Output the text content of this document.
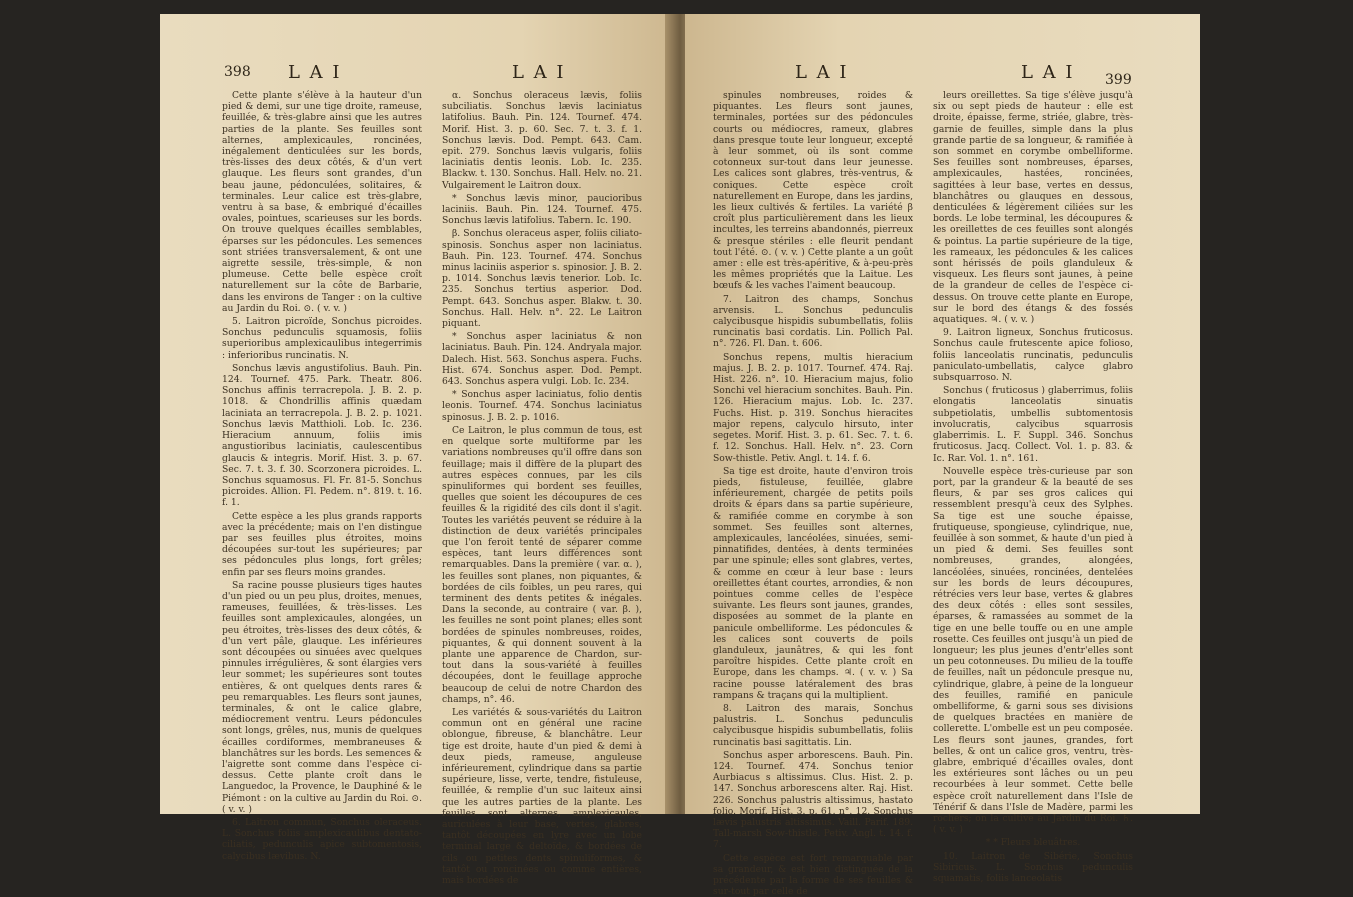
398 L A I	L A I

Cette plante s'élève à la hauteur d'un pied & demi, sur une tige droite, rameuse, feuillée, & très-glabre ainsi que les autres parties de la plante. Ses feuilles sont alternes, amplexicaules, roncinées, inégalement denticulées sur les bords, très-lisses des deux côtés, & d'un vert glauque. Les fleurs sont grandes, d'un beau jaune, pédonculées, solitaires, & terminales. Leur calice est très-glabre, ventru à sa base, & embriqué d'écailles ovales, pointues, scarieuses sur les bords. On trouve quelques écailles semblables, éparses sur les pédoncules. Les semences sont striées transversalement, & ont une aigrette sessile, très-simple, & non plumeuse. Cette belle espèce croît naturellement sur la côte de Barbarie, dans les environs de Tanger : on la cultive au Jardin du Roi. ⊙. ( v. v. )

5. Laitron picroïde, Sonchus picroides. Sonchus pedunculis squamosis, foliis superioribus amplexicaulibus integerrimis : inferioribus runcinatis. N.

Sonchus lævis angustifolius. Bauh. Pin. 124. Tournef. 475. Park. Theatr. 806. Sonchus affinis terracrepola. J. B. 2. p. 1018. & Chondrillis affinis quædam laciniata an terracrepola. J. B. 2. p. 1021. Sonchus lævis Matthioli. Lob. Ic. 236. Hieracium annuum, foliis imis angustioribus laciniatis, caulescentibus glaucis & integris. Morif. Hist. 3. p. 67. Sec. 7. t. 3. f. 30. Scorzonera picroides. L. Sonchus squamosus. Fl. Fr. 81-5. Sonchus picroides. Allion. Fl. Pedem. n°. 819. t. 16. f. 1.

Cette espèce a les plus grands rapports avec la précédente; mais on l'en distingue par ses feuilles plus étroites, moins découpées sur-tout les supérieures; par ses pédoncules plus longs, fort grêles; enfin par ses fleurs moins grandes.

Sa racine pousse plusieurs tiges hautes d'un pied ou un peu plus, droites, menues, rameuses, feuillées, & très-lisses. Les feuilles sont amplexicaules, alongées, un peu étroites, très-lisses des deux côtés, & d'un vert pâle, glauque. Les inférieures sont découpées ou sinuées avec quelques pinnules irrégulières, & sont élargies vers leur sommet; les supérieures sont toutes entières, & ont quelques dents rares & peu remarquables. Les fleurs sont jaunes, terminales, & ont le calice glabre, médiocrement ventru. Leurs pédoncules sont longs, grêles, nus, munis de quelques écailles cordiformes, membraneuses & blanchâtres sur les bords. Les semences & l'aigrette sont comme dans l'espèce ci-dessus. Cette plante croît dans le Languedoc, la Provence, le Dauphiné & le Piémont : on la cultive au Jardin du Roi. ⊙. ( v. v. )

6. Laitron commun, Sonchus oleraceus. L. Sonchus foliis amplexicaulibus dentato-ciliatis, pedunculis apice subtomentosis, calycibus lævibus. N.

α. Sonchus oleraceus lævis, foliis subciliatis. Sonchus lævis laciniatus latifolius. Bauh. Pin. 124. Tournef. 474. Morif. Hist. 3. p. 60. Sec. 7. t. 3. f. 1. Sonchus lævis. Dod. Pempt. 643. Cam. epit. 279. Sonchus lævis vulgaris, foliis laciniatis dentis leonis. Lob. Ic. 235. Blackw. t. 130. Sonchus. Hall. Helv. no. 21. Vulgairement le Laitron doux.

* Sonchus lævis minor, paucioribus laciniis. Bauh. Pin. 124. Tournef. 475. Sonchus lævis latifolius. Tabern. Ic. 190.

β. Sonchus oleraceus asper, foliis ciliato-spinosis. Sonchus asper non laciniatus. Bauh. Pin. 123. Tournef. 474. Sonchus minus laciniis asperior s. spinosior. J. B. 2. p. 1014. Sonchus lævis tenerior. Lob. Ic. 235. Sonchus tertius asperior. Dod. Pempt. 643. Sonchus asper. Blakw. t. 30. Sonchus. Hall. Helv. n°. 22. Le Laitron piquant.

* Sonchus asper laciniatus & non laciniatus. Bauh. Pin. 124. Andryala major. Dalech. Hist. 563. Sonchus aspera. Fuchs. Hist. 674. Sonchus asper. Dod. Pempt. 643. Sonchus aspera vulgi. Lob. Ic. 234.

* Sonchus asper laciniatus, folio dentis leonis. Tournef. 474. Sonchus laciniatus spinosus. J. B. 2. p. 1016.

Ce Laitron, le plus commun de tous, est en quelque sorte multiforme par les variations nombreuses qu'il offre dans son feuillage; mais il diffère de la plupart des autres espèces connues, par les cils spinuliformes qui bordent ses feuilles, quelles que soient les découpures de ces feuilles & la rigidité des cils dont il s'agit. Toutes les variétés peuvent se réduire à la distinction de deux variétés principales que l'on feroit tenté de séparer comme espèces, tant leurs différences sont remarquables. Dans la première ( var. α. ), les feuilles sont planes, non piquantes, & bordées de cils foibles, un peu rares, qui terminent des dents petites & inégales. Dans la seconde, au contraire ( var. β. ), les feuilles ne sont point planes; elles sont bordées de spinules nombreuses, roides, piquantes, & qui donnent souvent à la plante une apparence de Chardon, sur-tout dans la sous-variété à feuilles découpées, dont le feuillage approche beaucoup de celui de notre Chardon des champs, n°. 46.

Les variétés & sous-variétés du Laitron commun ont en général une racine oblongue, fibreuse, & blanchâtre. Leur tige est droite, haute d'un pied & demi à deux pieds, rameuse, anguleuse inférieurement, cylindrique dans sa partie supérieure, lisse, verte, tendre, fistuleuse, feuillée, & remplie d'un suc laiteux ainsi que les autres parties de la plante. Les feuilles sont alternes, amplexicaules, auriculées à leur base, vertes, glabres, tantôt découpées en lyre avec un lobe terminal large & deltoïde, & bordées de cils ou petites dents spinuliformes, & tantôt ou roncinées ou comme entières, mais bordées de

L A I	L A I 399

spinules nombreuses, roides & piquantes. Les fleurs sont jaunes, terminales, portées sur des pédoncules courts ou médiocres, rameux, glabres dans presque toute leur longueur, excepté à leur sommet, où ils sont comme cotonneux sur-tout dans leur jeunesse. Les calices sont glabres, très-ventrus, & coniques. Cette espèce croît naturellement en Europe, dans les jardins, les lieux cultivés & fertiles. La variété β croît plus particulièrement dans les lieux incultes, les terreins abandonnés, pierreux & presque stériles : elle fleurit pendant tout l'été. ⊙. ( v. v. ) Cette plante a un goût amer : elle est très-apéritive, & à-peu-près les mêmes propriétés que la Laitue. Les bœufs & les vaches l'aiment beaucoup.

7. Laitron des champs, Sonchus arvensis. L. Sonchus pedunculis calycibusque hispidis subumbellatis, foliis runcinatis basi cordatis. Lin. Pollich Pal. n°. 726. Fl. Dan. t. 606.

Sonchus repens, multis hieracium majus. J. B. 2. p. 1017. Tournef. 474. Raj. Hist. 226. n°. 10. Hieracium majus, folio Sonchi vel hieracium sonchites. Bauh. Pin. 126. Hieracium majus. Lob. Ic. 237. Fuchs. Hist. p. 319. Sonchus hieracites major repens, calyculo hirsuto, inter segetes. Morif. Hist. 3. p. 61. Sec. 7. t. 6. f. 12. Sonchus. Hall. Helv. n°. 23. Corn Sow-thistle. Petiv. Angl. t. 14. f. 6.

Sa tige est droite, haute d'environ trois pieds, fistuleuse, feuillée, glabre inférieurement, chargée de petits poils droits & épars dans sa partie supérieure, & ramifiée comme en corymbe à son sommet. Ses feuilles sont alternes, amplexicaules, lancéolées, sinuées, semi-pinnatifides, dentées, à dents terminées par une spinule; elles sont glabres, vertes, & comme en cœur à leur base : leurs oreillettes étant courtes, arrondies, & non pointues comme celles de l'espèce suivante. Les fleurs sont jaunes, grandes, disposées au sommet de la plante en panicule ombelliforme. Les pédoncules & les calices sont couverts de poils glanduleux, jaunâtres, & qui les font paroître hispides. Cette plante croît en Europe, dans les champs. ♃. ( v. v. ) Sa racine pousse latéralement des bras rampans & traçans qui la multiplient.

8. Laitron des marais, Sonchus palustris. L. Sonchus pedunculis calycibusque hispidis subumbellatis, foliis runcinatis basi sagittatis. Lin.

Sonchus asper arborescens. Bauh. Pin. 124. Tournef. 474. Sonchus tenior Aurbiacus s altissimus. Clus. Hist. 2. p. 147. Sonchus arborescens alter. Raj. Hist. 226. Sonchus palustris altissimus, hastato folio. Morif. Hist. 3. p. 61. n°. 12. Sonchus lævis palustris altissimus. Vaill. Parif. 189. Tall-marsh Sow-thistle. Petiv. Angl. t. 14. f. 7.

Cette espèce est fort remarquable par sa grandeur, & est bien distinguée de la précédente par la forme de ses feuilles & sur-tout par celle de

leurs oreillettes. Sa tige s'élève jusqu'à six ou sept pieds de hauteur : elle est droite, épaisse, ferme, striée, glabre, très-garnie de feuilles, simple dans la plus grande partie de sa longueur, & ramifiée à son sommet en corymbe ombelliforme. Ses feuilles sont nombreuses, éparses, amplexicaules, hastées, roncinées, sagittées à leur base, vertes en dessus, blanchâtres ou glauques en dessous, denticulées & légèrement ciliées sur les bords. Le lobe terminal, les découpures & les oreillettes de ces feuilles sont alongés & pointus. La partie supérieure de la tige, les rameaux, les pédoncules & les calices sont hérissés de poils glanduleux & visqueux. Les fleurs sont jaunes, à peine de la grandeur de celles de l'espèce ci-dessus. On trouve cette plante en Europe, sur le bord des étangs & des fossés aquatiques. ♃. ( v. v. )

9. Laitron ligneux, Sonchus fruticosus. Sonchus caule frutescente apice folioso, foliis lanceolatis runcinatis, pedunculis paniculato-umbellatis, calyce glabro subsquarroso. N.

Sonchus ( fruticosus ) glaberrimus, foliis elongatis lanceolatis sinuatis subpetiolatis, umbellis subtomentosis involucratis, calycibus squarrosis glaberrimis. L. F. Suppl. 346. Sonchus fruticosus. Jacq. Collect. Vol. 1. p. 83. & Ic. Rar. Vol. 1. n°. 161.

Nouvelle espèce très-curieuse par son port, par la grandeur & la beauté de ses fleurs, & par ses gros calices qui ressemblent presqu'à ceux des Sylphes. Sa tige est une souche épaisse, frutiqueuse, spongieuse, cylindrique, nue, feuillée à son sommet, & haute d'un pied à un pied & demi. Ses feuilles sont nombreuses, grandes, alongées, lancéolées, sinuées, roncinées, dentelées sur les bords de leurs découpures, rétrécies vers leur base, vertes & glabres des deux côtés : elles sont sessiles, éparses, & ramassées au sommet de la tige en une belle touffe ou en une ample rosette. Ces feuilles ont jusqu'à un pied de longueur; les plus jeunes d'entr'elles sont un peu cotonneuses. Du milieu de la touffe de feuilles, naît un pédoncule presque nu, cylindrique, glabre, à peine de la longueur des feuilles, ramifié en panicule ombelliforme, & garni sous ses divisions de quelques bractées en manière de collerette. L'ombelle est un peu composée. Les fleurs sont jaunes, grandes, fort belles, & ont un calice gros, ventru, très-glabre, embriqué d'écailles ovales, dont les extérieures sont lâches ou un peu recourbées à leur sommet. Cette belle espèce croît naturellement dans l'Isle de Ténérif & dans l'Isle de Madère, parmi les rochers; on la cultive au Jardin du Roi. ♄. ( v. v. )

* * Fleurs bleuâtres.

10. Laitron de Sibérie, Sonchus Sibiricus. L. Sonchus pedunculis squamatis, foliis lanceolatis
